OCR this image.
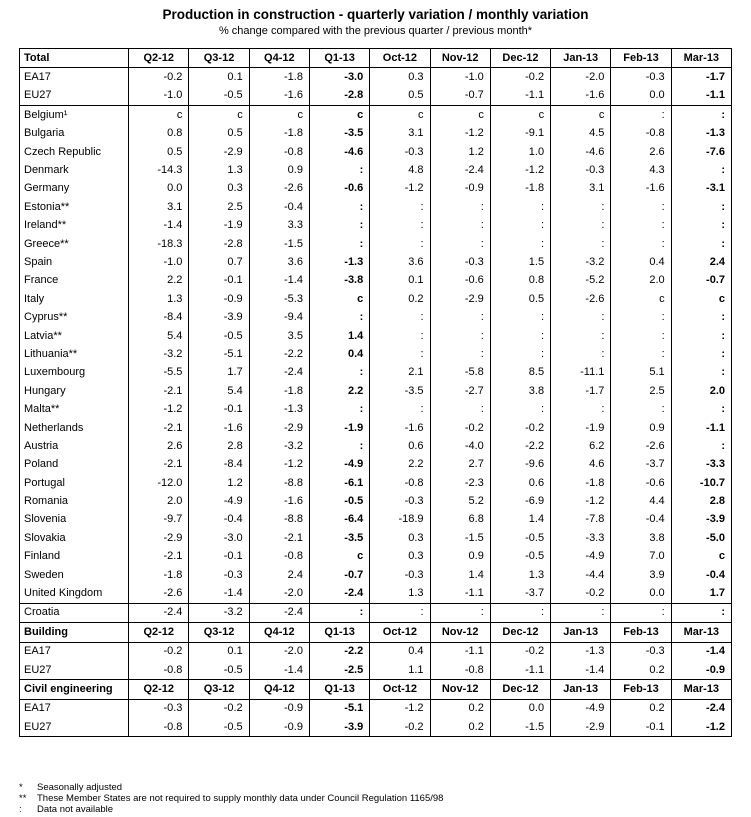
Production in construction - quarterly variation / monthly variation
% change compared with the previous quarter / previous month*
Total	Q2-12	Q3-12	Q4-12	Q1-13	Oct-12	Nov-12	Dec-12	Jan-13	Feb-13	Mar-13
EA17	-0.2	0.1	-1.8	-3.0	0.3	-1.0	-0.2	-2.0	-0.3	-1.7
EU27	-1.0	-0.5	-1.6	-2.8	0.5	-0.7	-1.1	-1.6	0.0	-1.1
Belgium¹	c	c	c	c	c	c	c	c	:	:
Bulgaria	0.8	0.5	-1.8	-3.5	3.1	-1.2	-9.1	4.5	-0.8	-1.3
Czech Republic	0.5	-2.9	-0.8	-4.6	-0.3	1.2	1.0	-4.6	2.6	-7.6
Denmark	-14.3	1.3	0.9	:	4.8	-2.4	-1.2	-0.3	4.3	:
Germany	0.0	0.3	-2.6	-0.6	-1.2	-0.9	-1.8	3.1	-1.6	-3.1
Estonia**	3.1	2.5	-0.4	:	:	:	:	:	:	:
Ireland**	-1.4	-1.9	3.3	:	:	:	:	:	:	:
Greece**	-18.3	-2.8	-1.5	:	:	:	:	:	:	:
Spain	-1.0	0.7	3.6	-1.3	3.6	-0.3	1.5	-3.2	0.4	2.4
France	2.2	-0.1	-1.4	-3.8	0.1	-0.6	0.8	-5.2	2.0	-0.7
Italy	1.3	-0.9	-5.3	c	0.2	-2.9	0.5	-2.6	c	c
Cyprus**	-8.4	-3.9	-9.4	:	:	:	:	:	:	:
Latvia**	5.4	-0.5	3.5	1.4	:	:	:	:	:	:
Lithuania**	-3.2	-5.1	-2.2	0.4	:	:	:	:	:	:
Luxembourg	-5.5	1.7	-2.4	:	2.1	-5.8	8.5	-11.1	5.1	:
Hungary	-2.1	5.4	-1.8	2.2	-3.5	-2.7	3.8	-1.7	2.5	2.0
Malta**	-1.2	-0.1	-1.3	:	:	:	:	:	:	:
Netherlands	-2.1	-1.6	-2.9	-1.9	-1.6	-0.2	-0.2	-1.9	0.9	-1.1
Austria	2.6	2.8	-3.2	:	0.6	-4.0	-2.2	6.2	-2.6	:
Poland	-2.1	-8.4	-1.2	-4.9	2.2	2.7	-9.6	4.6	-3.7	-3.3
Portugal	-12.0	1.2	-8.8	-6.1	-0.8	-2.3	0.6	-1.8	-0.6	-10.7
Romania	2.0	-4.9	-1.6	-0.5	-0.3	5.2	-6.9	-1.2	4.4	2.8
Slovenia	-9.7	-0.4	-8.8	-6.4	-18.9	6.8	1.4	-7.8	-0.4	-3.9
Slovakia	-2.9	-3.0	-2.1	-3.5	0.3	-1.5	-0.5	-3.3	3.8	-5.0
Finland	-2.1	-0.1	-0.8	c	0.3	0.9	-0.5	-4.9	7.0	c
Sweden	-1.8	-0.3	2.4	-0.7	-0.3	1.4	1.3	-4.4	3.9	-0.4
United Kingdom	-2.6	-1.4	-2.0	-2.4	1.3	-1.1	-3.7	-0.2	0.0	1.7
Croatia	-2.4	-3.2	-2.4	:	:	:	:	:	:	:
Building	Q2-12	Q3-12	Q4-12	Q1-13	Oct-12	Nov-12	Dec-12	Jan-13	Feb-13	Mar-13
EA17	-0.2	0.1	-2.0	-2.2	0.4	-1.1	-0.2	-1.3	-0.3	-1.4
EU27	-0.8	-0.5	-1.4	-2.5	1.1	-0.8	-1.1	-1.4	0.2	-0.9
Civil engineering	Q2-12	Q3-12	Q4-12	Q1-13	Oct-12	Nov-12	Dec-12	Jan-13	Feb-13	Mar-13
EA17	-0.3	-0.2	-0.9	-5.1	-1.2	0.2	0.0	-4.9	0.2	-2.4
EU27	-0.8	-0.5	-0.9	-3.9	-0.2	0.2	-1.5	-2.9	-0.1	-1.2
* Seasonally adjusted
** These Member States are not required to supply monthly data under Council Regulation 1165/98
: Data not available
